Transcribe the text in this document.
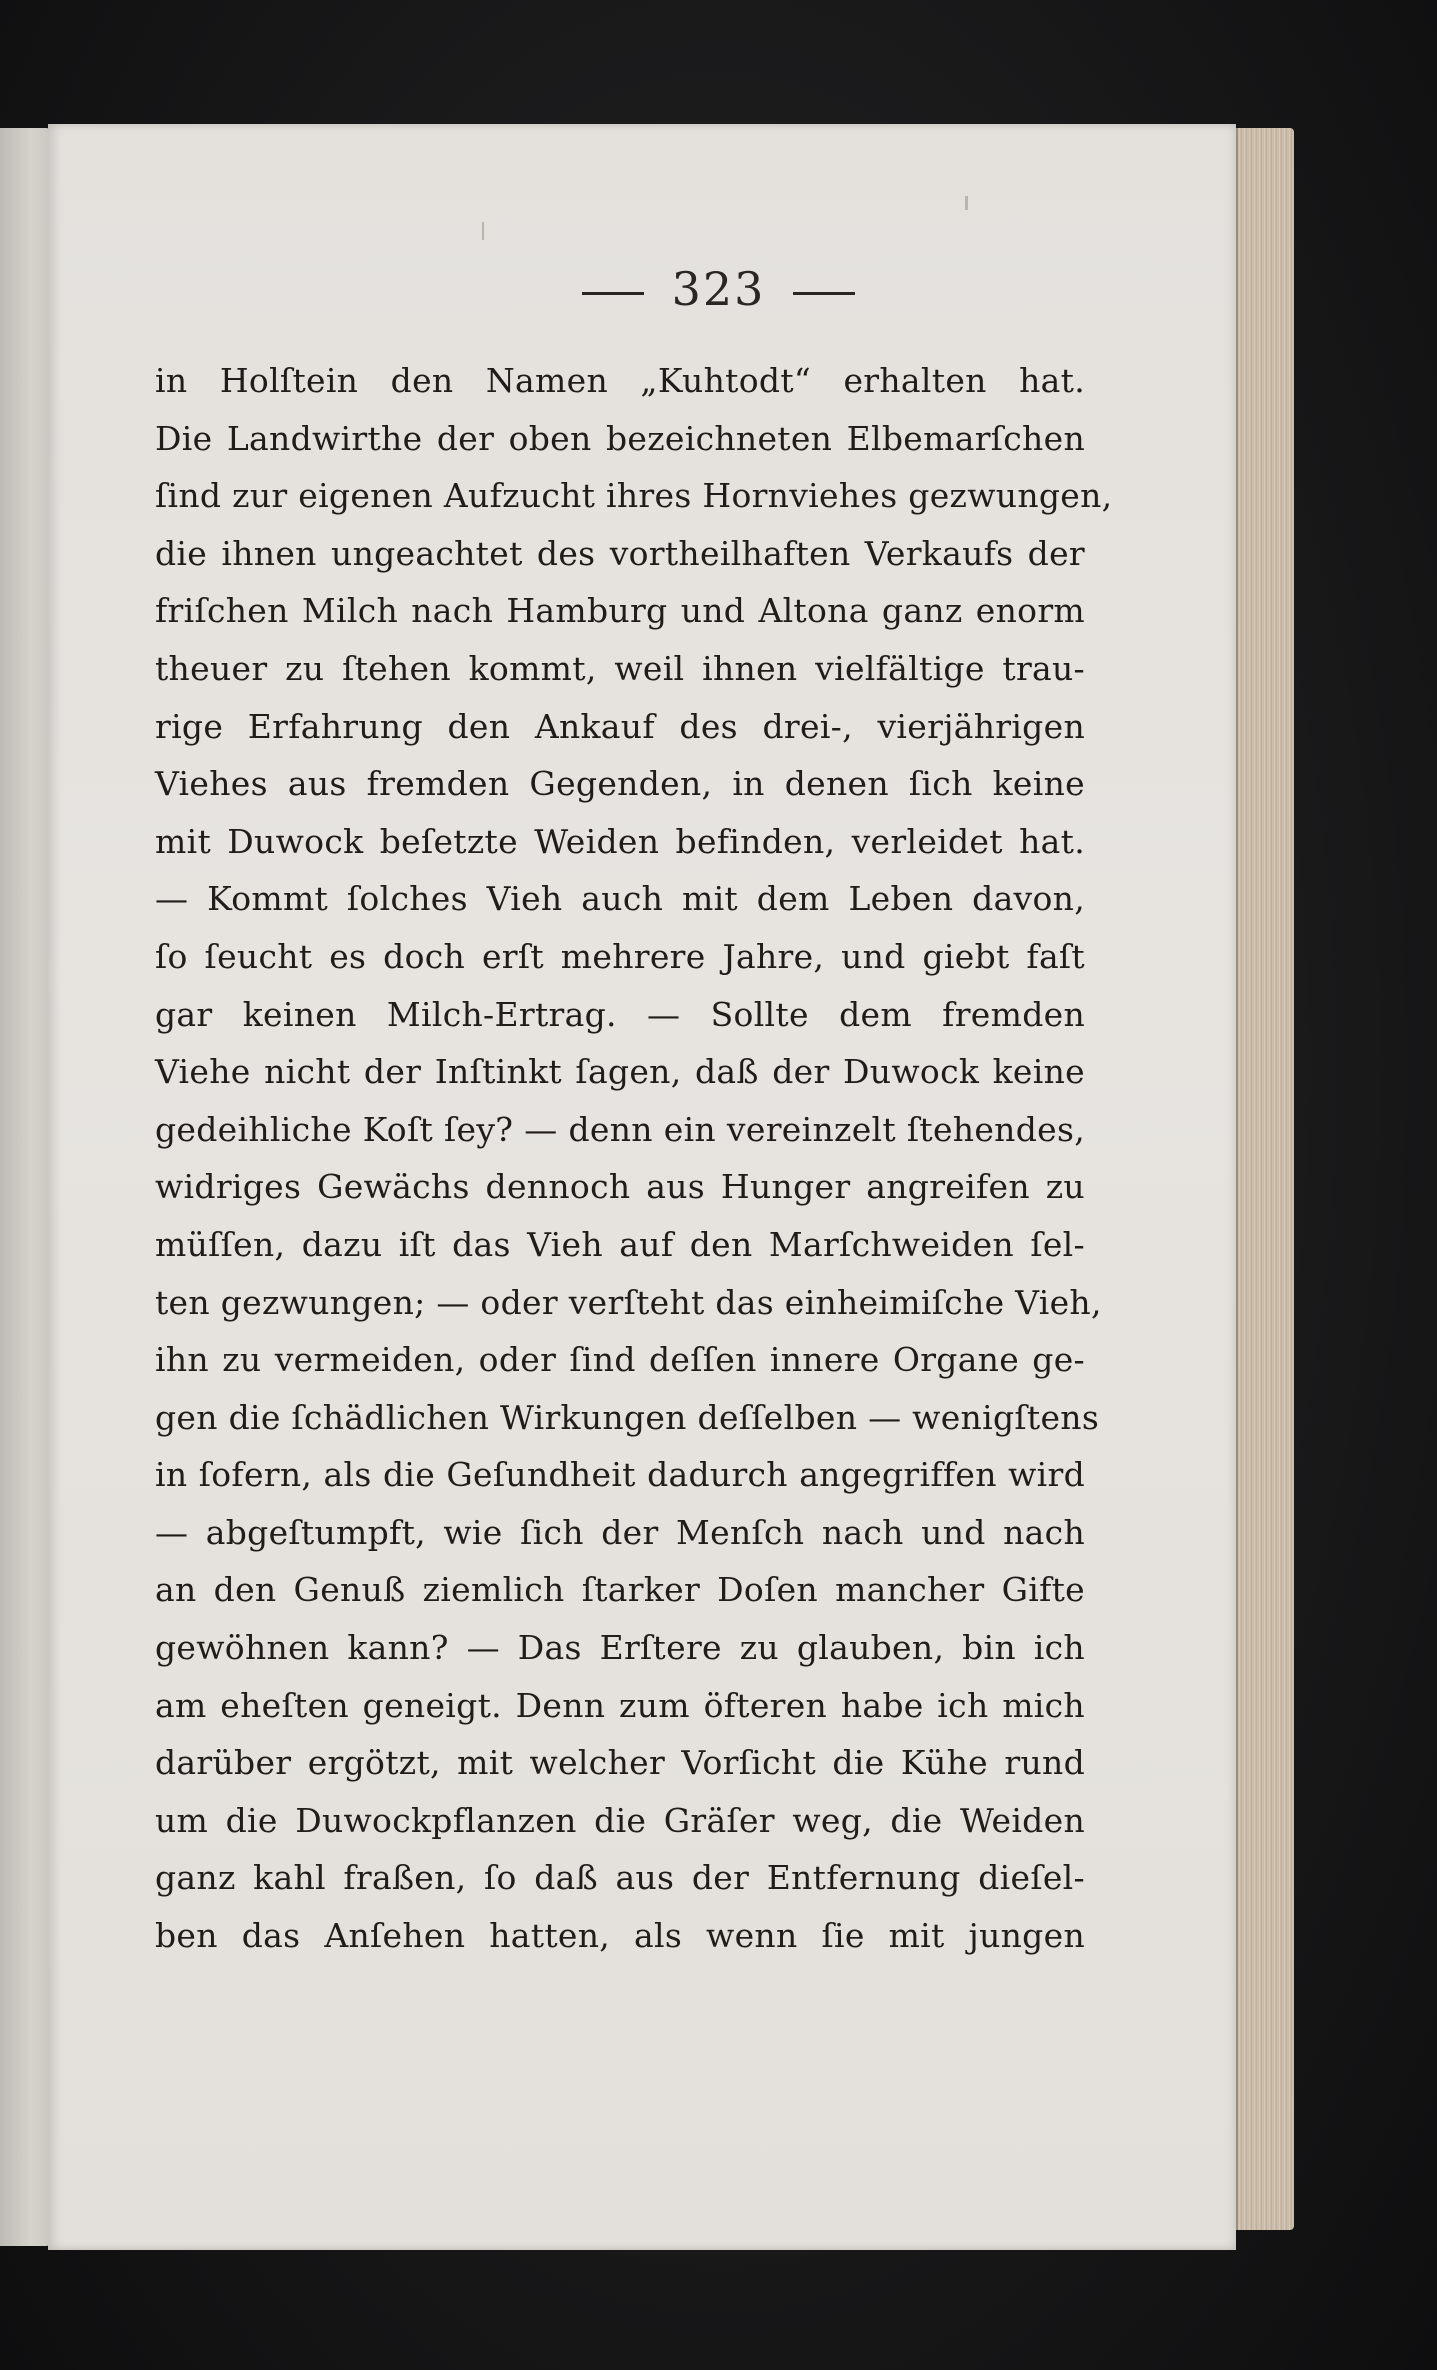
323
in Holſtein den Namen „Kuhtodt“ erhalten hat.
Die Landwirthe der oben bezeichneten Elbemarſchen
ſind zur eigenen Aufzucht ihres Hornviehes gezwungen,
die ihnen ungeachtet des vortheilhaften Verkaufs der
friſchen Milch nach Hamburg und Altona ganz enorm
theuer zu ſtehen kommt, weil ihnen vielfältige trau-
rige Erfahrung den Ankauf des drei-, vierjährigen
Viehes aus fremden Gegenden, in denen ſich keine
mit Duwock beſetzte Weiden befinden, verleidet hat.
— Kommt ſolches Vieh auch mit dem Leben davon,
ſo ſeucht es doch erſt mehrere Jahre, und giebt faſt
gar keinen Milch-Ertrag. — Sollte dem fremden
Viehe nicht der Inſtinkt ſagen, daß der Duwock keine
gedeihliche Koſt ſey? — denn ein vereinzelt ſtehendes,
widriges Gewächs dennoch aus Hunger angreifen zu
müſſen, dazu iſt das Vieh auf den Marſchweiden ſel-
ten gezwungen; — oder verſteht das einheimiſche Vieh,
ihn zu vermeiden, oder ſind deſſen innere Organe ge-
gen die ſchädlichen Wirkungen deſſelben — wenigſtens
in ſofern, als die Geſundheit dadurch angegriffen wird
— abgeſtumpft, wie ſich der Menſch nach und nach
an den Genuß ziemlich ſtarker Doſen mancher Gifte
gewöhnen kann? — Das Erſtere zu glauben, bin ich
am eheſten geneigt. Denn zum öfteren habe ich mich
darüber ergötzt, mit welcher Vorſicht die Kühe rund
um die Duwockpflanzen die Gräſer weg, die Weiden
ganz kahl fraßen, ſo daß aus der Entfernung dieſel-
ben das Anſehen hatten, als wenn ſie mit jungen
